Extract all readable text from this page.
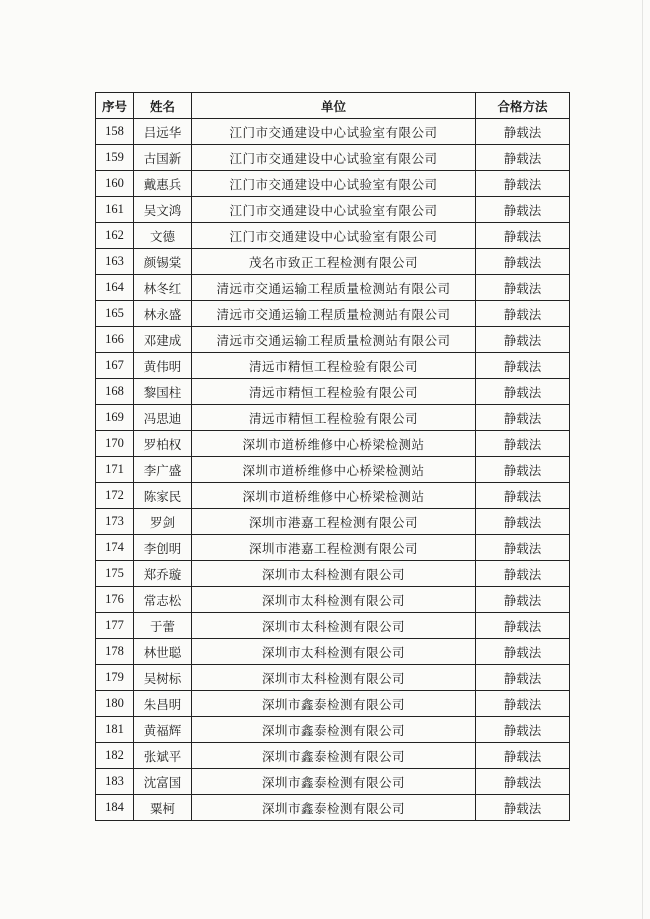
序号	姓名	单位	合格方法
158	吕远华	江门市交通建设中心试验室有限公司	静载法
159	古国新	江门市交通建设中心试验室有限公司	静载法
160	戴惠兵	江门市交通建设中心试验室有限公司	静载法
161	吴文鸿	江门市交通建设中心试验室有限公司	静载法
162	文德	江门市交通建设中心试验室有限公司	静载法
163	颜锡棠	茂名市致正工程检测有限公司	静载法
164	林冬红	清远市交通运输工程质量检测站有限公司	静载法
165	林永盛	清远市交通运输工程质量检测站有限公司	静载法
166	邓建成	清远市交通运输工程质量检测站有限公司	静载法
167	黄伟明	清远市精恒工程检验有限公司	静载法
168	黎国柱	清远市精恒工程检验有限公司	静载法
169	冯思迪	清远市精恒工程检验有限公司	静载法
170	罗柏权	深圳市道桥维修中心桥梁检测站	静载法
171	李广盛	深圳市道桥维修中心桥梁检测站	静载法
172	陈家民	深圳市道桥维修中心桥梁检测站	静载法
173	罗剑	深圳市港嘉工程检测有限公司	静载法
174	李创明	深圳市港嘉工程检测有限公司	静载法
175	郑乔璇	深圳市太科检测有限公司	静载法
176	常志松	深圳市太科检测有限公司	静载法
177	于蕾	深圳市太科检测有限公司	静载法
178	林世聪	深圳市太科检测有限公司	静载法
179	吴树标	深圳市太科检测有限公司	静载法
180	朱昌明	深圳市鑫泰检测有限公司	静载法
181	黄福辉	深圳市鑫泰检测有限公司	静载法
182	张斌平	深圳市鑫泰检测有限公司	静载法
183	沈富国	深圳市鑫泰检测有限公司	静载法
184	粟柯	深圳市鑫泰检测有限公司	静载法
